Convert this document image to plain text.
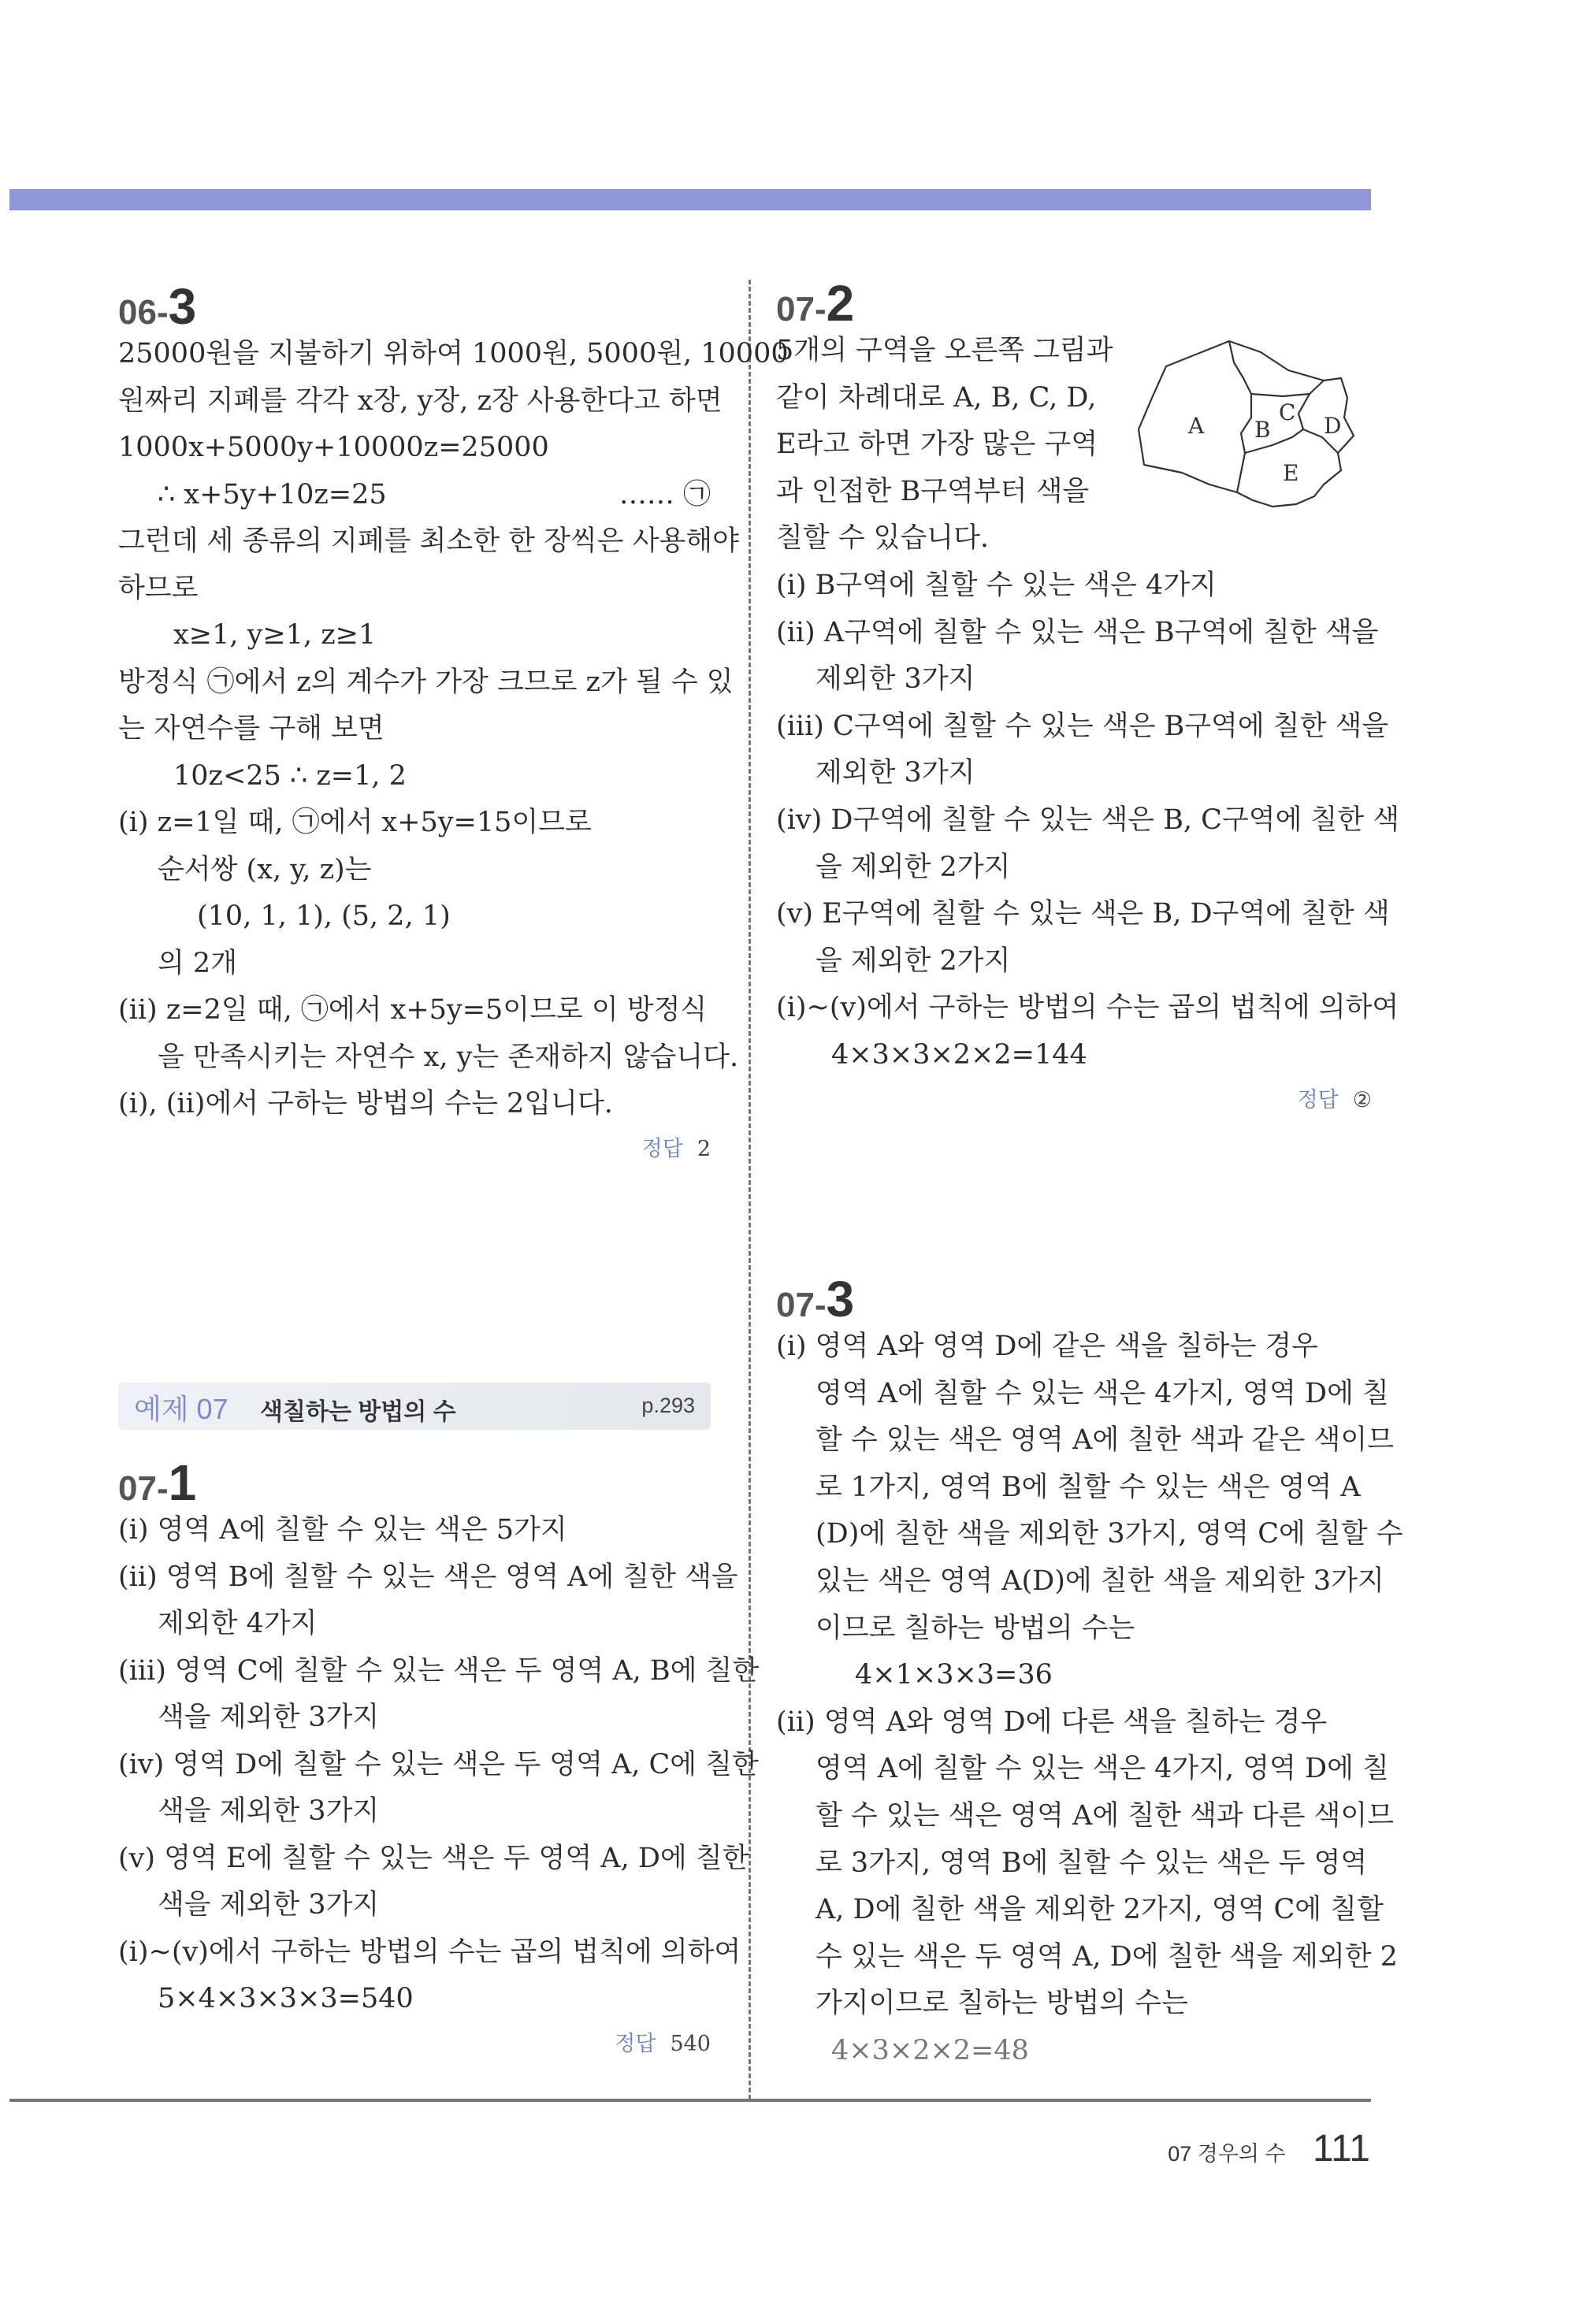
06-3
25000원을 지불하기 위하여 1000원, 5000원, 10000
원짜리 지폐를 각각 x장, y장, z장 사용한다고 하면
1000x+5000y+10000z=25000
∴ x+5y+10z=25	…… ㉠
그런데 세 종류의 지폐를 최소한 한 장씩은 사용해야
하므로
x≥1, y≥1, z≥1
방정식 ㉠에서 z의 계수가 가장 크므로 z가 될 수 있
는 자연수를 구해 보면
10z<25 ∴ z=1, 2
(ⅰ) z=1일 때, ㉠에서 x+5y=15이므로
순서쌍 (x, y, z)는
(10, 1, 1), (5, 2, 1)
의 2개
(ⅱ) z=2일 때, ㉠에서 x+5y=5이므로 이 방정식
을 만족시키는 자연수 x, y는 존재하지 않습니다.
(ⅰ), (ⅱ)에서 구하는 방법의 수는 2입니다.
정답 2
예제 07 색칠하는 방법의 수	p.293
07-1
(ⅰ) 영역 A에 칠할 수 있는 색은 5가지
(ⅱ) 영역 B에 칠할 수 있는 색은 영역 A에 칠한 색을
제외한 4가지
(ⅲ) 영역 C에 칠할 수 있는 색은 두 영역 A, B에 칠한
색을 제외한 3가지
(ⅳ) 영역 D에 칠할 수 있는 색은 두 영역 A, C에 칠한
색을 제외한 3가지
(ⅴ) 영역 E에 칠할 수 있는 색은 두 영역 A, D에 칠한
색을 제외한 3가지
(ⅰ)~(ⅴ)에서 구하는 방법의 수는 곱의 법칙에 의하여
5×4×3×3×3=540
정답 540
07-2
5개의 구역을 오른쪽 그림과
같이 차례대로 A, B, C, D,
E라고 하면 가장 많은 구역
과 인접한 B구역부터 색을
칠할 수 있습니다.
(ⅰ) B구역에 칠할 수 있는 색은 4가지
(ⅱ) A구역에 칠할 수 있는 색은 B구역에 칠한 색을
제외한 3가지
(ⅲ) C구역에 칠할 수 있는 색은 B구역에 칠한 색을
제외한 3가지
(ⅳ) D구역에 칠할 수 있는 색은 B, C구역에 칠한 색
을 제외한 2가지
(ⅴ) E구역에 칠할 수 있는 색은 B, D구역에 칠한 색
을 제외한 2가지
(ⅰ)~(ⅴ)에서 구하는 방법의 수는 곱의 법칙에 의하여
4×3×3×2×2=144
정답 ②
A B
C
D
E
07-3
(ⅰ) 영역 A와 영역 D에 같은 색을 칠하는 경우
영역 A에 칠할 수 있는 색은 4가지, 영역 D에 칠
할 수 있는 색은 영역 A에 칠한 색과 같은 색이므
로 1가지, 영역 B에 칠할 수 있는 색은 영역 A
(D)에 칠한 색을 제외한 3가지, 영역 C에 칠할 수
있는 색은 영역 A(D)에 칠한 색을 제외한 3가지
이므로 칠하는 방법의 수는
4×1×3×3=36
(ⅱ) 영역 A와 영역 D에 다른 색을 칠하는 경우
영역 A에 칠할 수 있는 색은 4가지, 영역 D에 칠
할 수 있는 색은 영역 A에 칠한 색과 다른 색이므
로 3가지, 영역 B에 칠할 수 있는 색은 두 영역
A, D에 칠한 색을 제외한 2가지, 영역 C에 칠할
수 있는 색은 두 영역 A, D에 칠한 색을 제외한 2
가지이므로 칠하는 방법의 수는
4×3×2×2=48
07 경우의 수 111
